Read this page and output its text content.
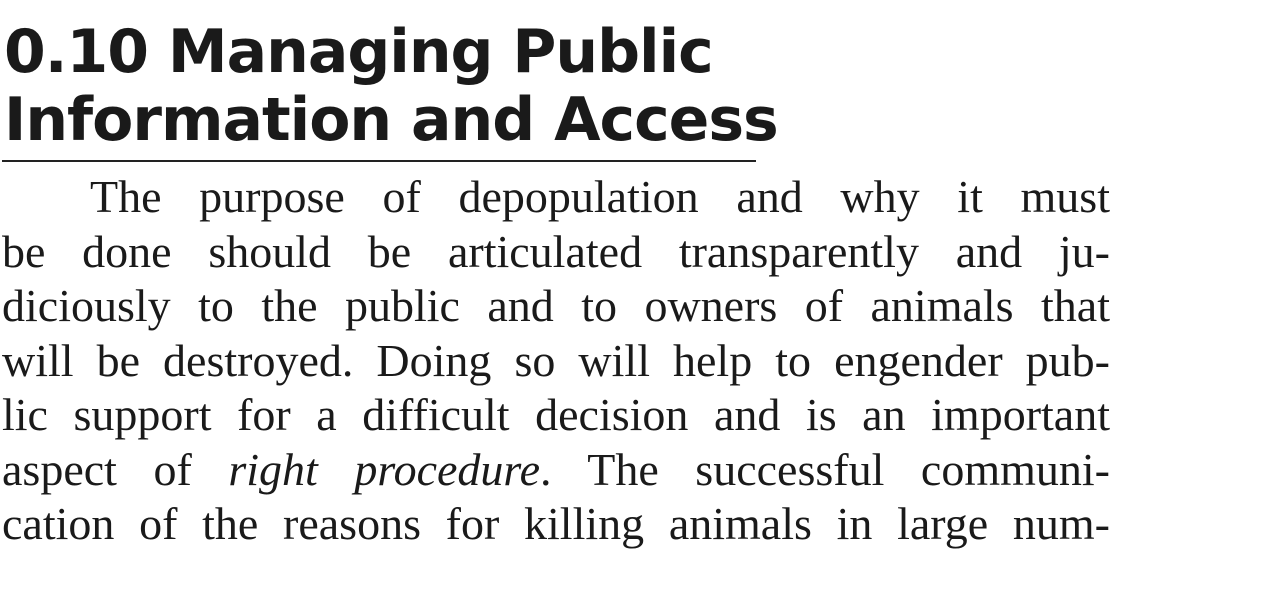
0.10 Managing Public
Information and Access
The purpose of depopulation and why it must
be done should be articulated transparently and ju-
diciously to the public and to owners of animals that
will be destroyed. Doing so will help to engender pub-
lic support for a difficult decision and is an important
aspect of right procedure. The successful communi-
cation of the reasons for killing animals in large num-
